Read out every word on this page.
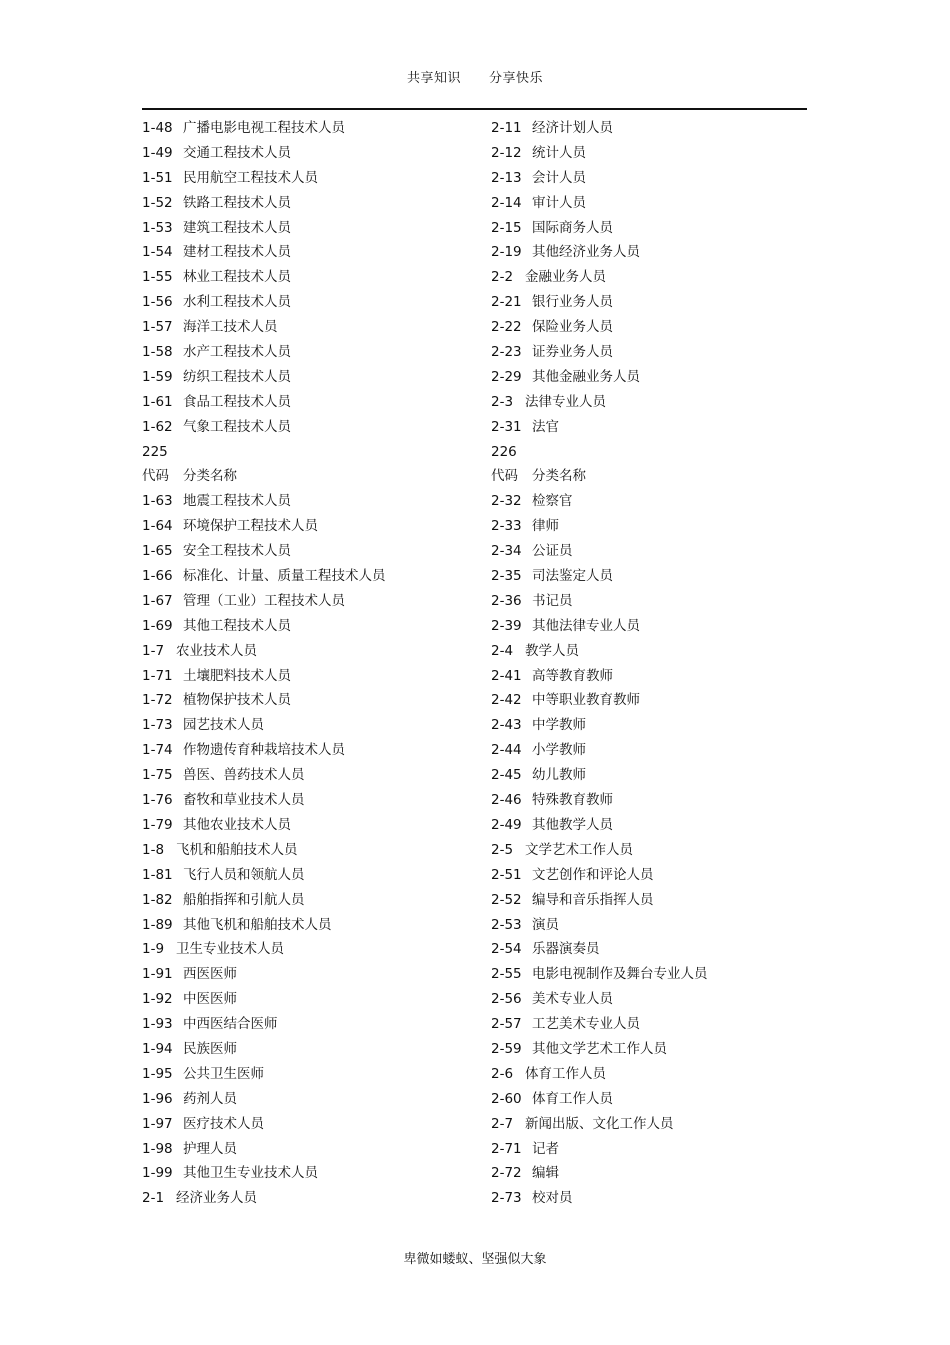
共享知识 分享快乐
1-48 广播电影电视工程技术人员
1-49 交通工程技术人员
1-51 民用航空工程技术人员
1-52 铁路工程技术人员
1-53 建筑工程技术人员
1-54 建材工程技术人员
1-55 林业工程技术人员
1-56 水利工程技术人员
1-57 海洋工技术人员
1-58 水产工程技术人员
1-59 纺织工程技术人员
1-61 食品工程技术人员
1-62 气象工程技术人员
225
代码 分类名称
1-63 地震工程技术人员
1-64 环境保护工程技术人员
1-65 安全工程技术人员
1-66 标准化、计量、质量工程技术人员
1-67 管理（工业）工程技术人员
1-69 其他工程技术人员
1-7 农业技术人员
1-71 土壤肥料技术人员
1-72 植物保护技术人员
1-73 园艺技术人员
1-74 作物遗传育种栽培技术人员
1-75 兽医、兽药技术人员
1-76 畜牧和草业技术人员
1-79 其他农业技术人员
1-8 飞机和船舶技术人员
1-81 飞行人员和领航人员
1-82 船舶指挥和引航人员
1-89 其他飞机和船舶技术人员
1-9 卫生专业技术人员
1-91 西医医师
1-92 中医医师
1-93 中西医结合医师
1-94 民族医师
1-95 公共卫生医师
1-96 药剂人员
1-97 医疗技术人员
1-98 护理人员
1-99 其他卫生专业技术人员
2-1 经济业务人员
2-11 经济计划人员
2-12 统计人员
2-13 会计人员
2-14 审计人员
2-15 国际商务人员
2-19 其他经济业务人员
2-2 金融业务人员
2-21 银行业务人员
2-22 保险业务人员
2-23 证券业务人员
2-29 其他金融业务人员
2-3 法律专业人员
2-31 法官
226
代码 分类名称
2-32 检察官
2-33 律师
2-34 公证员
2-35 司法鉴定人员
2-36 书记员
2-39 其他法律专业人员
2-4 教学人员
2-41 高等教育教师
2-42 中等职业教育教师
2-43 中学教师
2-44 小学教师
2-45 幼儿教师
2-46 特殊教育教师
2-49 其他教学人员
2-5 文学艺术工作人员
2-51 文艺创作和评论人员
2-52 编导和音乐指挥人员
2-53 演员
2-54 乐器演奏员
2-55 电影电视制作及舞台专业人员
2-56 美术专业人员
2-57 工艺美术专业人员
2-59 其他文学艺术工作人员
2-6 体育工作人员
2-60 体育工作人员
2-7 新闻出版、文化工作人员
2-71 记者
2-72 编辑
2-73 校对员
卑微如蝼蚁、坚强似大象
